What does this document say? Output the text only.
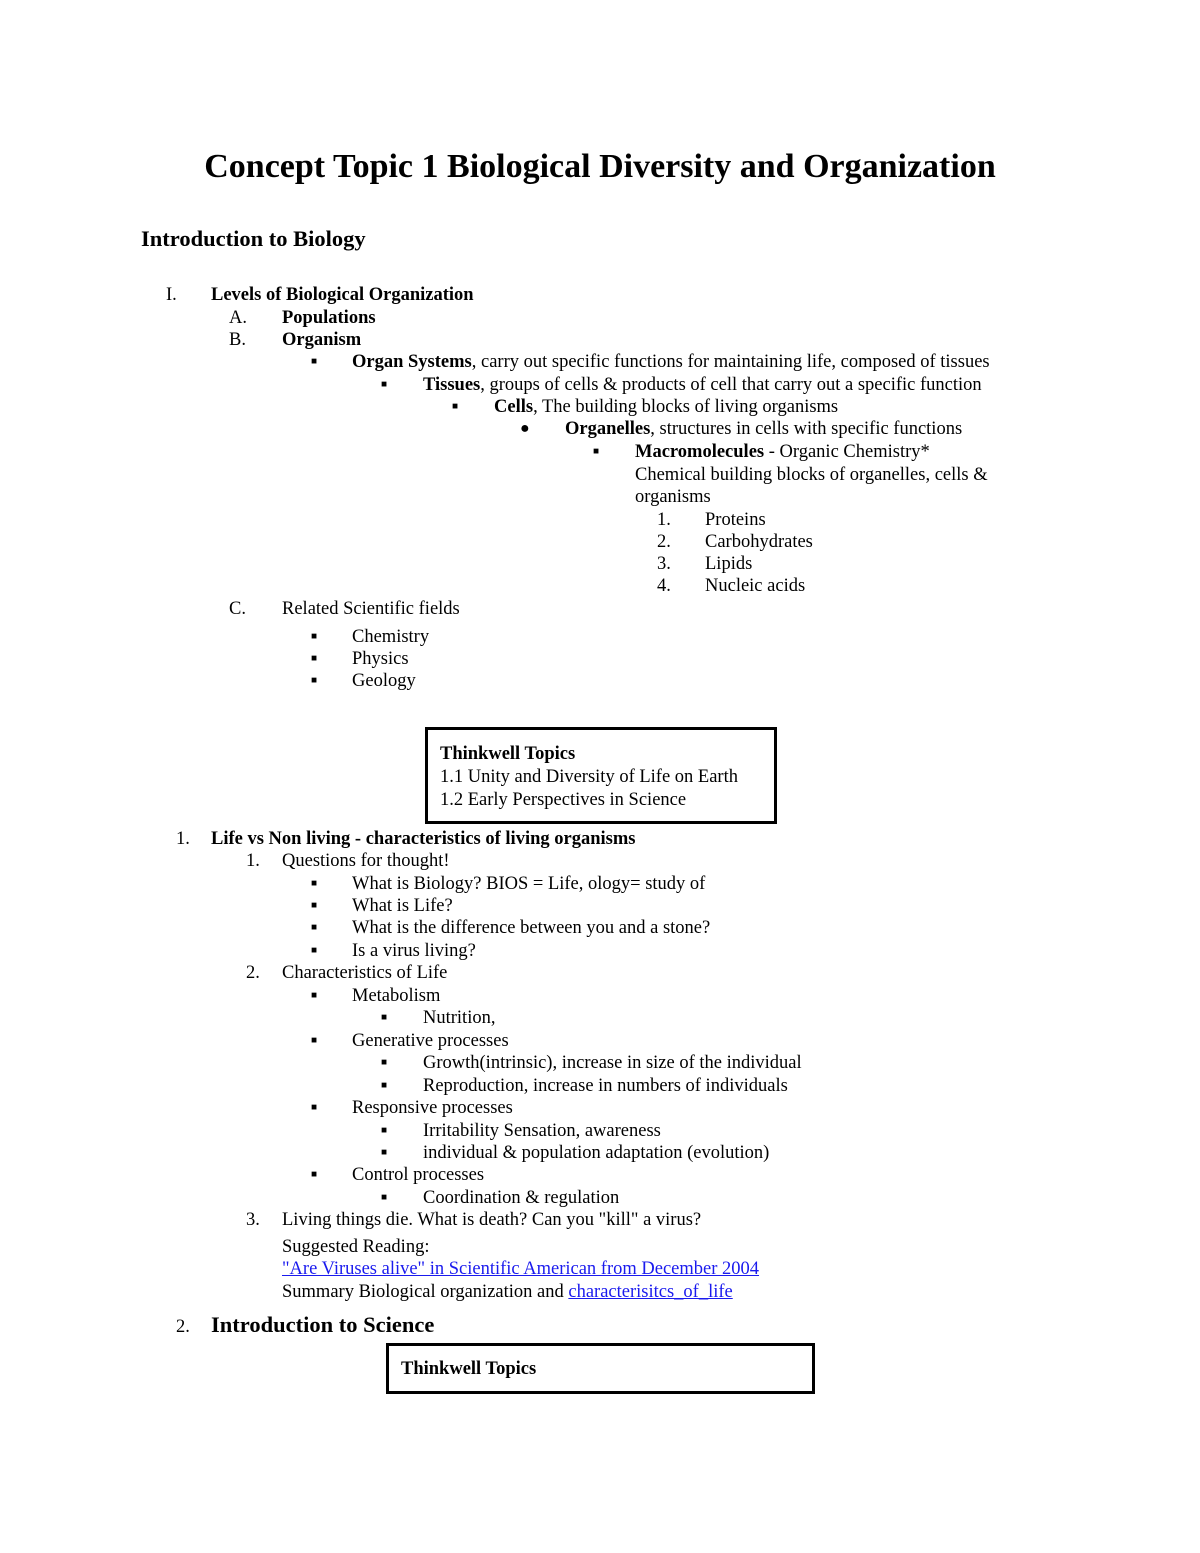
Concept Topic 1 Biological Diversity and Organization
Introduction to Biology
I. Levels of Biological Organization
A. Populations
B. Organism
■ Organ Systems, carry out specific functions for maintaining life, composed of tissues
■ Tissues, groups of cells & products of cell that carry out a specific function
■ Cells, The building blocks of living organisms
● Organelles, structures in cells with specific functions
■ Macromolecules - Organic Chemistry*
Chemical building blocks of organelles, cells &
organisms
1. Proteins
2. Carbohydrates
3. Lipids
4. Nucleic acids
C. Related Scientific fields
■ Chemistry
■ Physics
■ Geology
Thinkwell Topics
1.1 Unity and Diversity of Life on Earth
1.2 Early Perspectives in Science
1. Life vs Non living - characteristics of living organisms
1. Questions for thought!
■ What is Biology? BIOS = Life, ology= study of
■ What is Life?
■ What is the difference between you and a stone?
■ Is a virus living?
2. Characteristics of Life
■ Metabolism
■ Nutrition,
■ Generative processes
■ Growth(intrinsic), increase in size of the individual
■ Reproduction, increase in numbers of individuals
■ Responsive processes
■ Irritability Sensation, awareness
■ individual & population adaptation (evolution)
■ Control processes
■ Coordination & regulation
3. Living things die. What is death? Can you "kill" a virus?
Suggested Reading:
"Are Viruses alive" in Scientific American from December 2004
Summary Biological organization and characterisitcs_of_life
2. Introduction to Science
Thinkwell Topics
